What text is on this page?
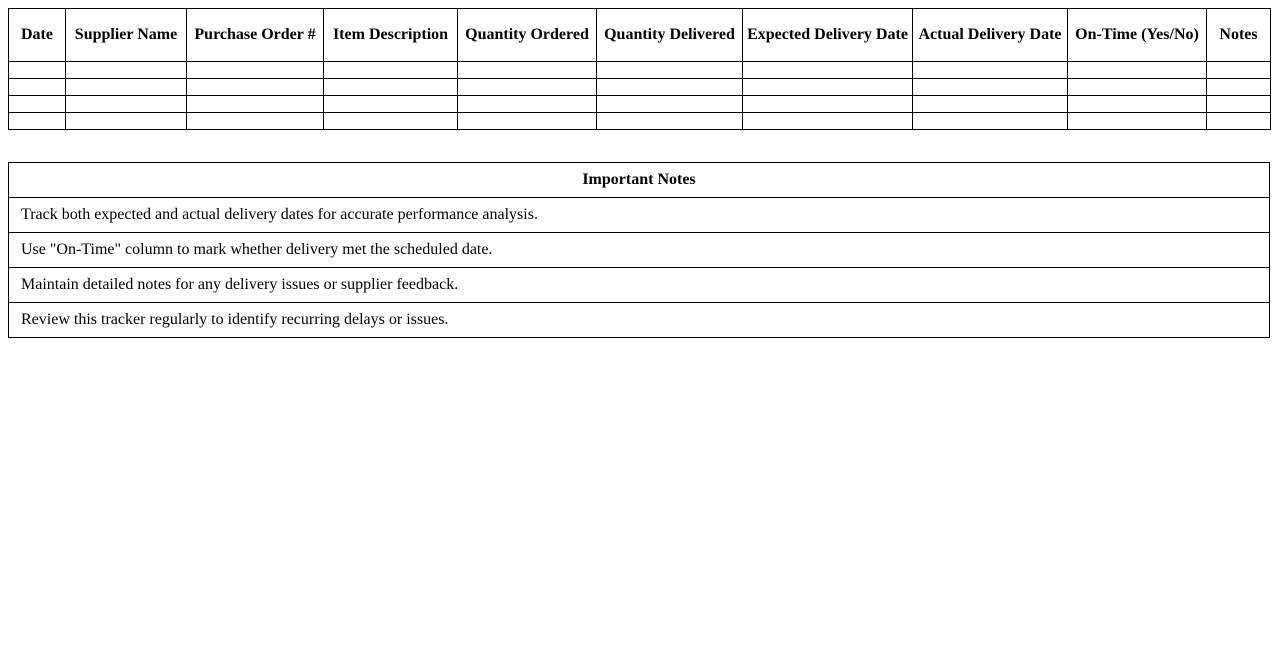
Date	Supplier Name	Purchase Order #	Item Description	Quantity Ordered	Quantity Delivered	Expected Delivery Date	Actual Delivery Date	On-Time (Yes/No)	Notes

Important Notes
Track both expected and actual delivery dates for accurate performance analysis.
Use "On-Time" column to mark whether delivery met the scheduled date.
Maintain detailed notes for any delivery issues or supplier feedback.
Review this tracker regularly to identify recurring delays or issues.
